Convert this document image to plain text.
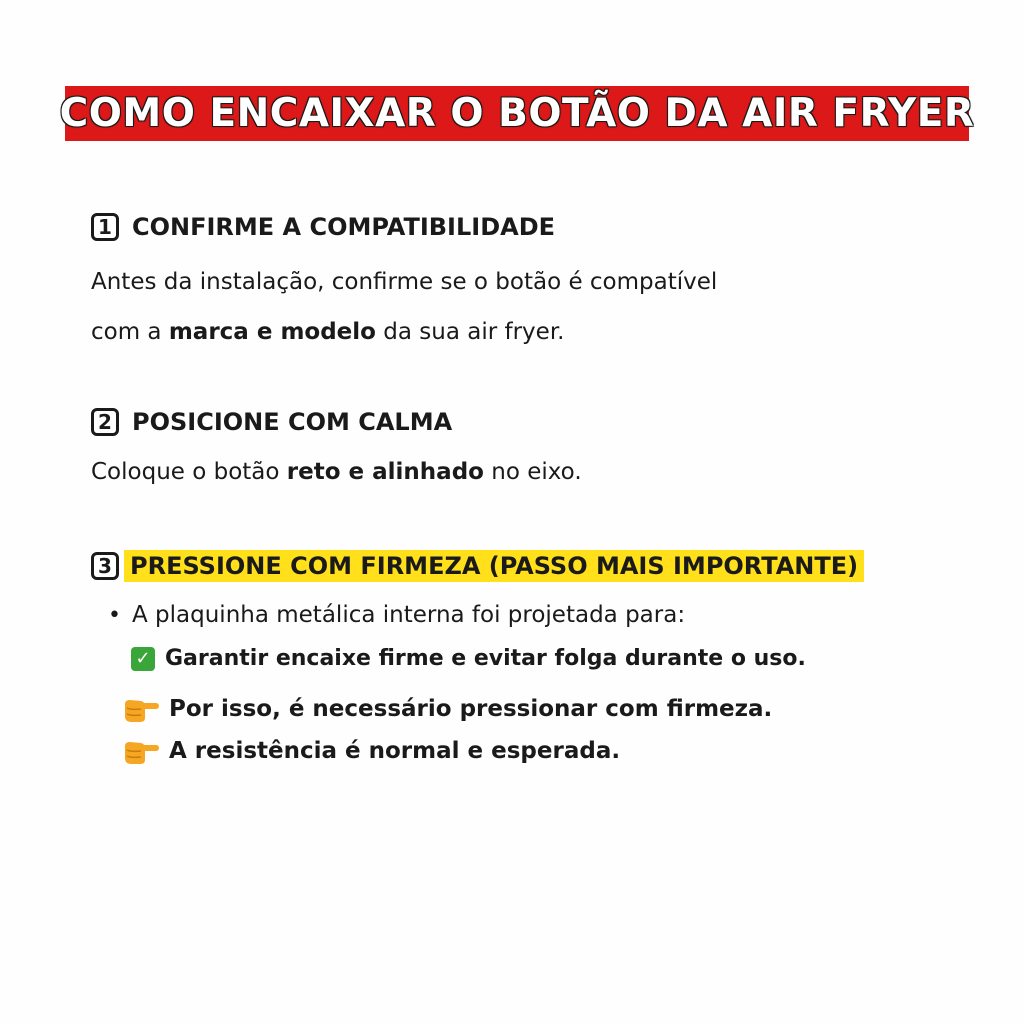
COMO ENCAIXAR O BOTÃO DA AIR FRYER
1 CONFIRME A COMPATIBILIDADE
Antes da instalação, confirme se o botão é compatível
com a marca e modelo da sua air fryer.
2 POSICIONE COM CALMA
Coloque o botão reto e alinhado no eixo.
3 PRESSIONE COM FIRMEZA (PASSO MAIS IMPORTANTE)
• A plaquinha metálica interna foi projetada para:
✓ Garantir encaixe firme e evitar folga durante o uso.
Por isso, é necessário pressionar com firmeza.
A resistência é normal e esperada.
